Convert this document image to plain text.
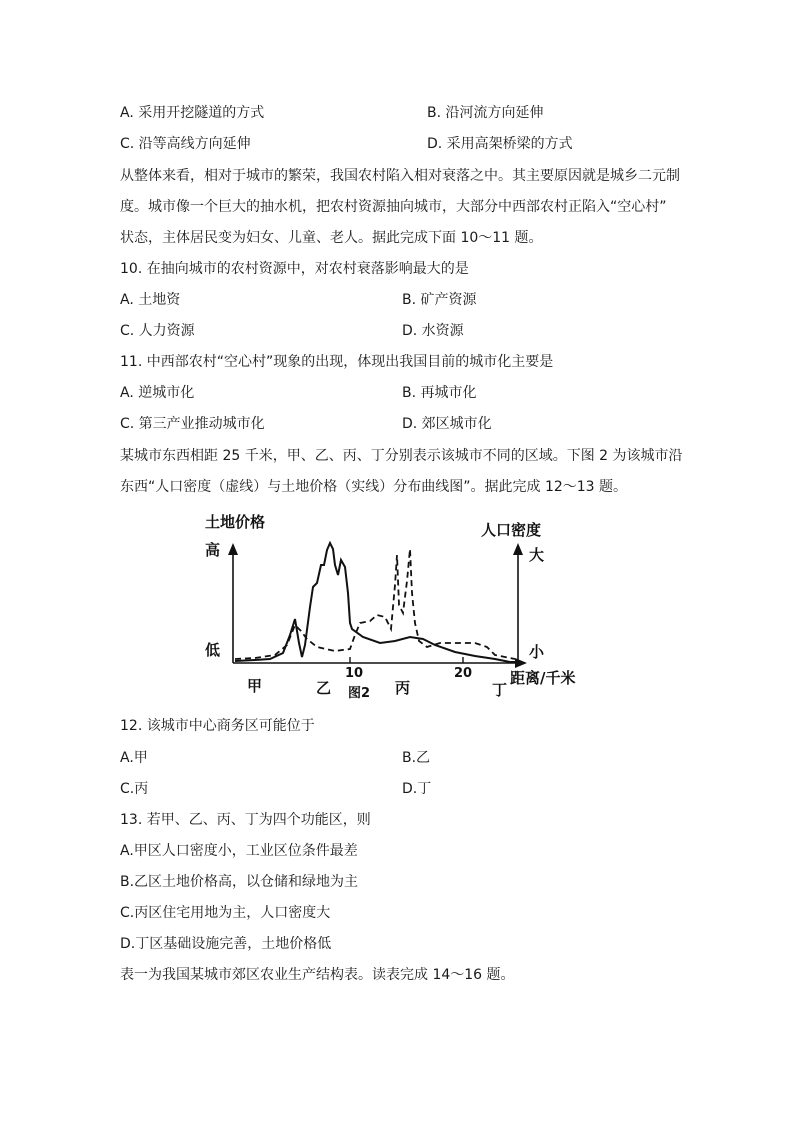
A. 采用开挖隧道的方式	B. 沿河流方向延伸
C. 沿等高线方向延伸	D. 采用高架桥梁的方式
从整体来看，相对于城市的繁荣，我国农村陷入相对衰落之中。其主要原因就是城乡二元制
度。城市像一个巨大的抽水机，把农村资源抽向城市，大部分中西部农村正陷入“空心村”
状态，主体居民变为妇女、儿童、老人。据此完成下面 10～11 题。
10. 在抽向城市的农村资源中，对农村衰落影响最大的是
A. 土地资	B. 矿产资源
C. 人力资源	D. 水资源
11. 中西部农村“空心村”现象的出现，体现出我国目前的城市化主要是
A. 逆城市化	B. 再城市化
C. 第三产业推动城市化	D. 郊区城市化
某城市东西相距 25 千米，甲、乙、丙、丁分别表示该城市不同的区域。下图 2 为该城市沿
东西“人口密度（虚线）与土地价格（实线）分布曲线图”。据此完成 12～13 题。
土地价格
高
低
人口密度
大
小
10	20	距离/千米
图2
甲	乙	丙	丁
12. 该城市中心商务区可能位于
A.甲	B.乙
C.丙	D.丁
13. 若甲、乙、丙、丁为四个功能区，则
A.甲区人口密度小，工业区位条件最差
B.乙区土地价格高，以仓储和绿地为主
C.丙区住宅用地为主，人口密度大
D.丁区基础设施完善，土地价格低
表一为我国某城市郊区农业生产结构表。读表完成 14～16 题。
